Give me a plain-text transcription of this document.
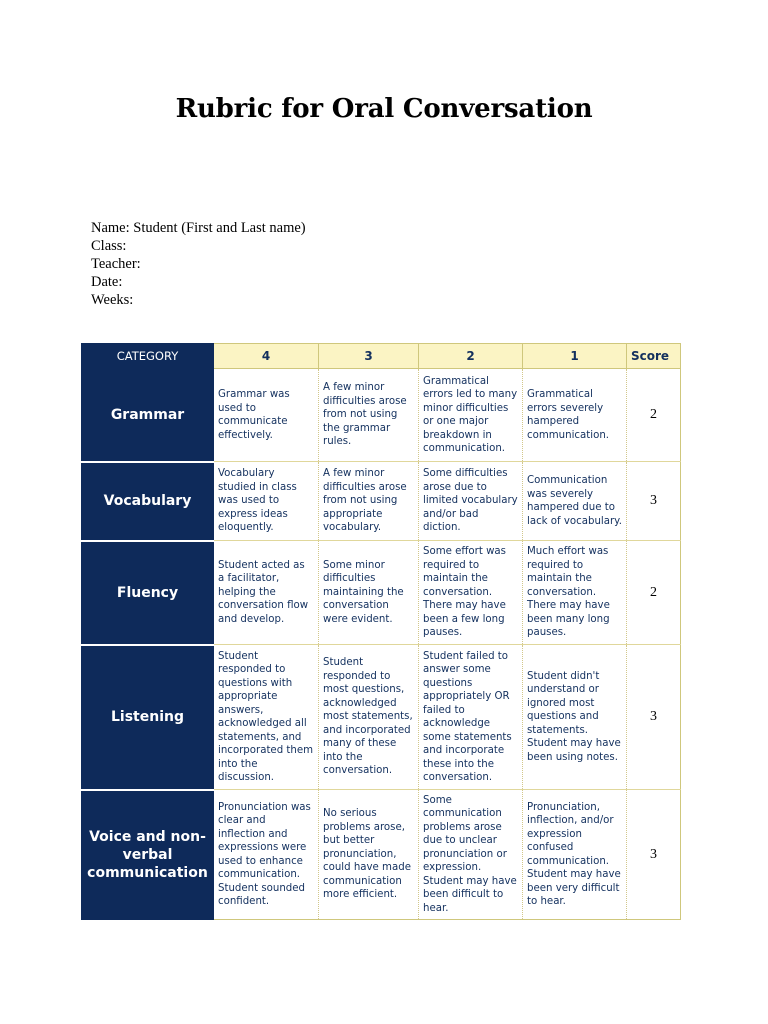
Rubric for Oral Conversation
Name: Student (First and Last name)
Class:
Teacher:
Date:
Weeks:
CATEGORY	4	3	2	1	Score
Grammar	Grammar was used to communicate effectively.	A few minor difficulties arose from not using the grammar rules.	Grammatical errors led to many minor difficulties or one major breakdown in communication.	Grammatical errors severely hampered communication.	2
Vocabulary	Vocabulary studied in class was used to express ideas eloquently.	A few minor difficulties arose from not using appropriate vocabulary.	Some difficulties arose due to limited vocabulary and/or bad diction.	Communication was severely hampered due to lack of vocabulary.	3
Fluency	Student acted as a facilitator, helping the conversation flow and develop.	Some minor difficulties maintaining the conversation were evident.	Some effort was required to maintain the conversation. There may have been a few long pauses.	Much effort was required to maintain the conversation. There may have been many long pauses.	2
Listening	Student responded to questions with appropriate answers, acknowledged all statements, and incorporated them into the discussion.	Student responded to most questions, acknowledged most statements, and incorporated many of these into the conversation.	Student failed to answer some questions appropriately OR failed to acknowledge some statements and incorporate these into the conversation.	Student didn't understand or ignored most questions and statements. Student may have been using notes.	3
Voice and non-verbal communication	Pronunciation was clear and inflection and expressions were used to enhance communication. Student sounded confident.	No serious problems arose, but better pronunciation, could have made communication more efficient.	Some communication problems arose due to unclear pronunciation or expression. Student may have been difficult to hear.	Pronunciation, inflection, and/or expression confused communication. Student may have been very difficult to hear.	3
